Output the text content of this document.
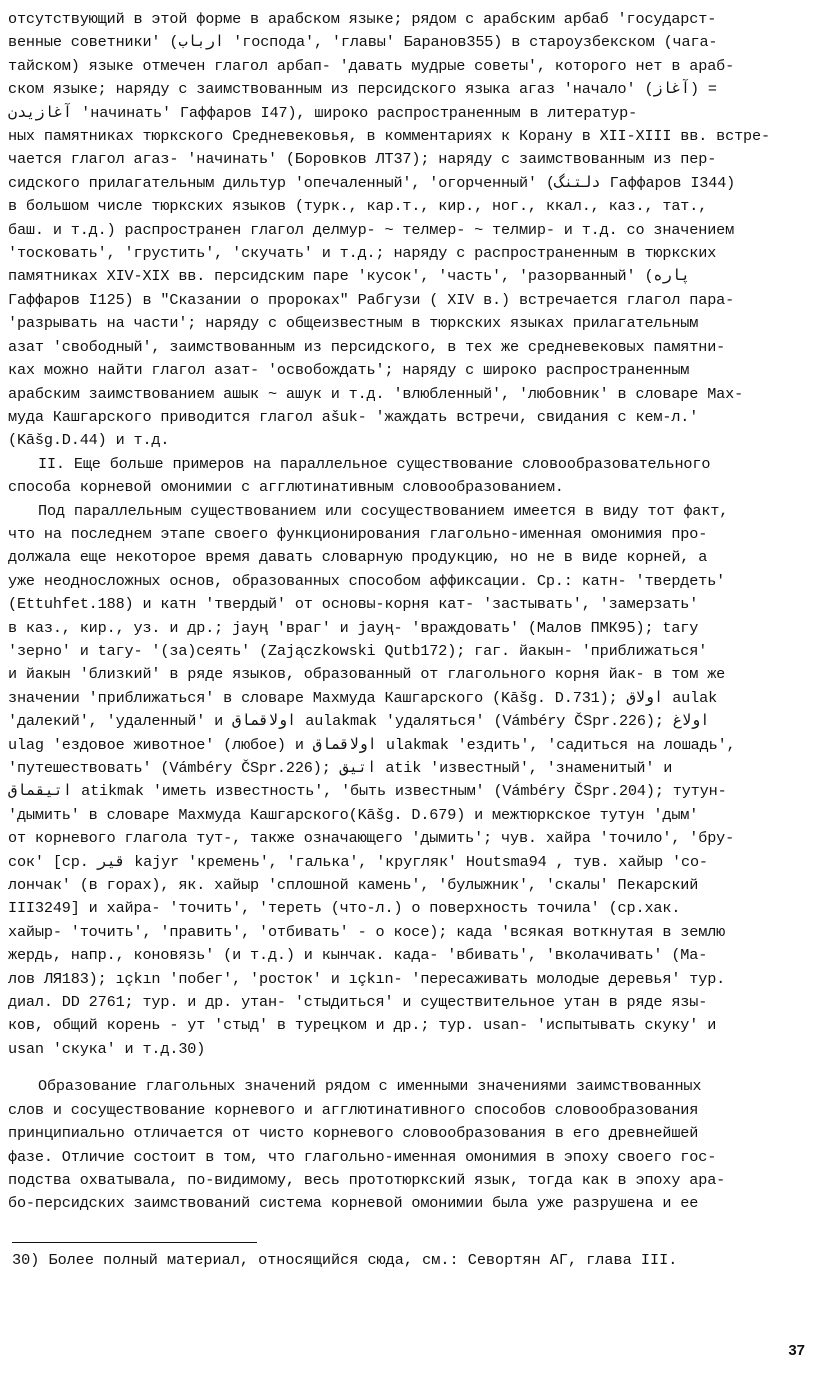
отсутствующий в этой форме в арабском языке; рядом с арабским арбаб 'государст-

венные советники' (ارباب 'господа', 'главы' Баранов355) в староузбекском (чага-

тайском) языке отмечен глагол арбап- 'давать мудрые советы', которого нет в араб-

ском языке; наряду с заимствованным из персидского языка агаз 'начало' (آغاز) =

آغازیدن 'начинать' Гаффаров I47), широко распространенным в литератур-

ных памятниках тюркского Средневековья, в комментариях к Корану в XII-XIII вв. встре-

чается глагол агаз- 'начинать' (Боровков ЛТ37); наряду с заимствованным из пер-

сидского прилагательным дильтур 'опечаленный', 'огорченный' (دلتنگ Гаффаров I344)

в большом числе тюркских языков (турк., кар.т., кир., ног., ккал., каз., тат.,

баш. и т.д.) распространен глагол делмур- ~ телмер- ~ телмир- и т.д. со значением

'тосковать', 'грустить', 'скучать' и т.д.; наряду с распространенным в тюркских

памятниках XIV-XIX вв. персидским паре 'кусок', 'часть', 'разорванный' (پاره

Гаффаров I125) в "Сказании о пророках" Рабгузи ( XIV в.) встречается глагол пара-

'разрывать на части'; наряду с общеизвестным в тюркских языках прилагательным

азат 'свободный', заимствованным из персидского, в тех же средневековых памятни-

ках можно найти глагол азат- 'освобождать'; наряду с широко распространенным

арабским заимствованием ашык ~ ашук и т.д. 'влюбленный', 'любовник' в словаре Мах-

муда Кашгарского приводится глагол ašuk- 'жаждать встречи, свидания с кем-л.'

(Kāšg.D.44) и т.д.

II. Еще больше примеров на параллельное существование словообразовательного

способа корневой омонимии с агглютинативным словообразованием.

Под параллельным существованием или сосуществованием имеется в виду тот факт,

что на последнем этапе своего функционирования глагольно-именная омонимия про-

должала еще некоторое время давать словарную продукцию, но не в виде корней, а

уже неодносложных основ, образованных способом аффиксации. Ср.: катн- 'твердеть'

(Ettuhfet.188) и катн 'твердый' от основы-корня кат- 'застывать', 'замерзать'

в каз., кир., уз. и др.; јауң 'враг' и јауң- 'враждовать' (Малов ПМК95); taгу

'зерно' и taгу- '(за)сеять' (Zajączkowski Qutb172); гаг. йакын- 'приближаться'

и йакын 'близкий' в ряде языков, образованный от глагольного корня йак- в том же

значении 'приближаться' в словаре Махмуда Кашгарского (Kāšg. D.731); اولاق aulak

'далекий', 'удаленный' и اولاقماق aulakmak 'удаляться' (Vámbéry ČSpr.226); اولاغ

ulag 'ездовое животное' (любое) и اولاقماق ulakmak 'ездить', 'садиться на лошадь',

'путешествовать' (Vámbéry ČSpr.226); اتيق atik 'известный', 'знаменитый' и

اتيقماق atikmak 'иметь известность', 'быть известным' (Vámbéry ČSpr.204); тутун-

'дымить' в словаре Махмуда Кашгарского(Kāšg. D.679) и межтюркское тутун 'дым'

от корневого глагола тут-, также означающего 'дымить'; чув. хайра 'точило', 'бру-

сок' [ср. قير kajyr 'кремень', 'галька', 'кругляк' Houtsma94 , тув. хайыр 'со-

лончак' (в горах), як. хайыр 'сплошной камень', 'булыжник', 'скалы' Пекарский

III3249] и хайра- 'точить', 'тереть (что-л.) о поверхность точила' (ср.хак.

хайыр- 'точить', 'править', 'отбивать' - о косе); када 'всякая воткнутая в землю

жердь, напр., коновязь' (и т.д.) и кынчак. када- 'вбивать', 'вколачивать' (Ма-

лов ЛЯ183); ıçkın 'побег', 'росток' и ıçkın- 'пересаживать молодые деревья' тур.

диал. DD 2761; тур. и др. утан- 'стыдиться' и существительное утан в ряде язы-

ков, общий корень - ут 'стыд' в турецком и др.; тур. usan- 'испытывать скуку' и

usan 'скука' и т.д.30)

Образование глагольных значений рядом с именными значениями заимствованных

слов и сосуществование корневого и агглютинативного способов словообразования

принципиально отличается от чисто корневого словообразования в его древнейшей

фазе. Отличие состоит в том, что глагольно-именная омонимия в эпоху своего гос-

подства охватывала, по-видимому, весь прототюркский язык, тогда как в эпоху ара-

бо-персидских заимствований система корневой омонимии была уже разрушена и ее

30) Более полный материал, относящийся сюда, см.: Севортян АГ, глава III.

37
